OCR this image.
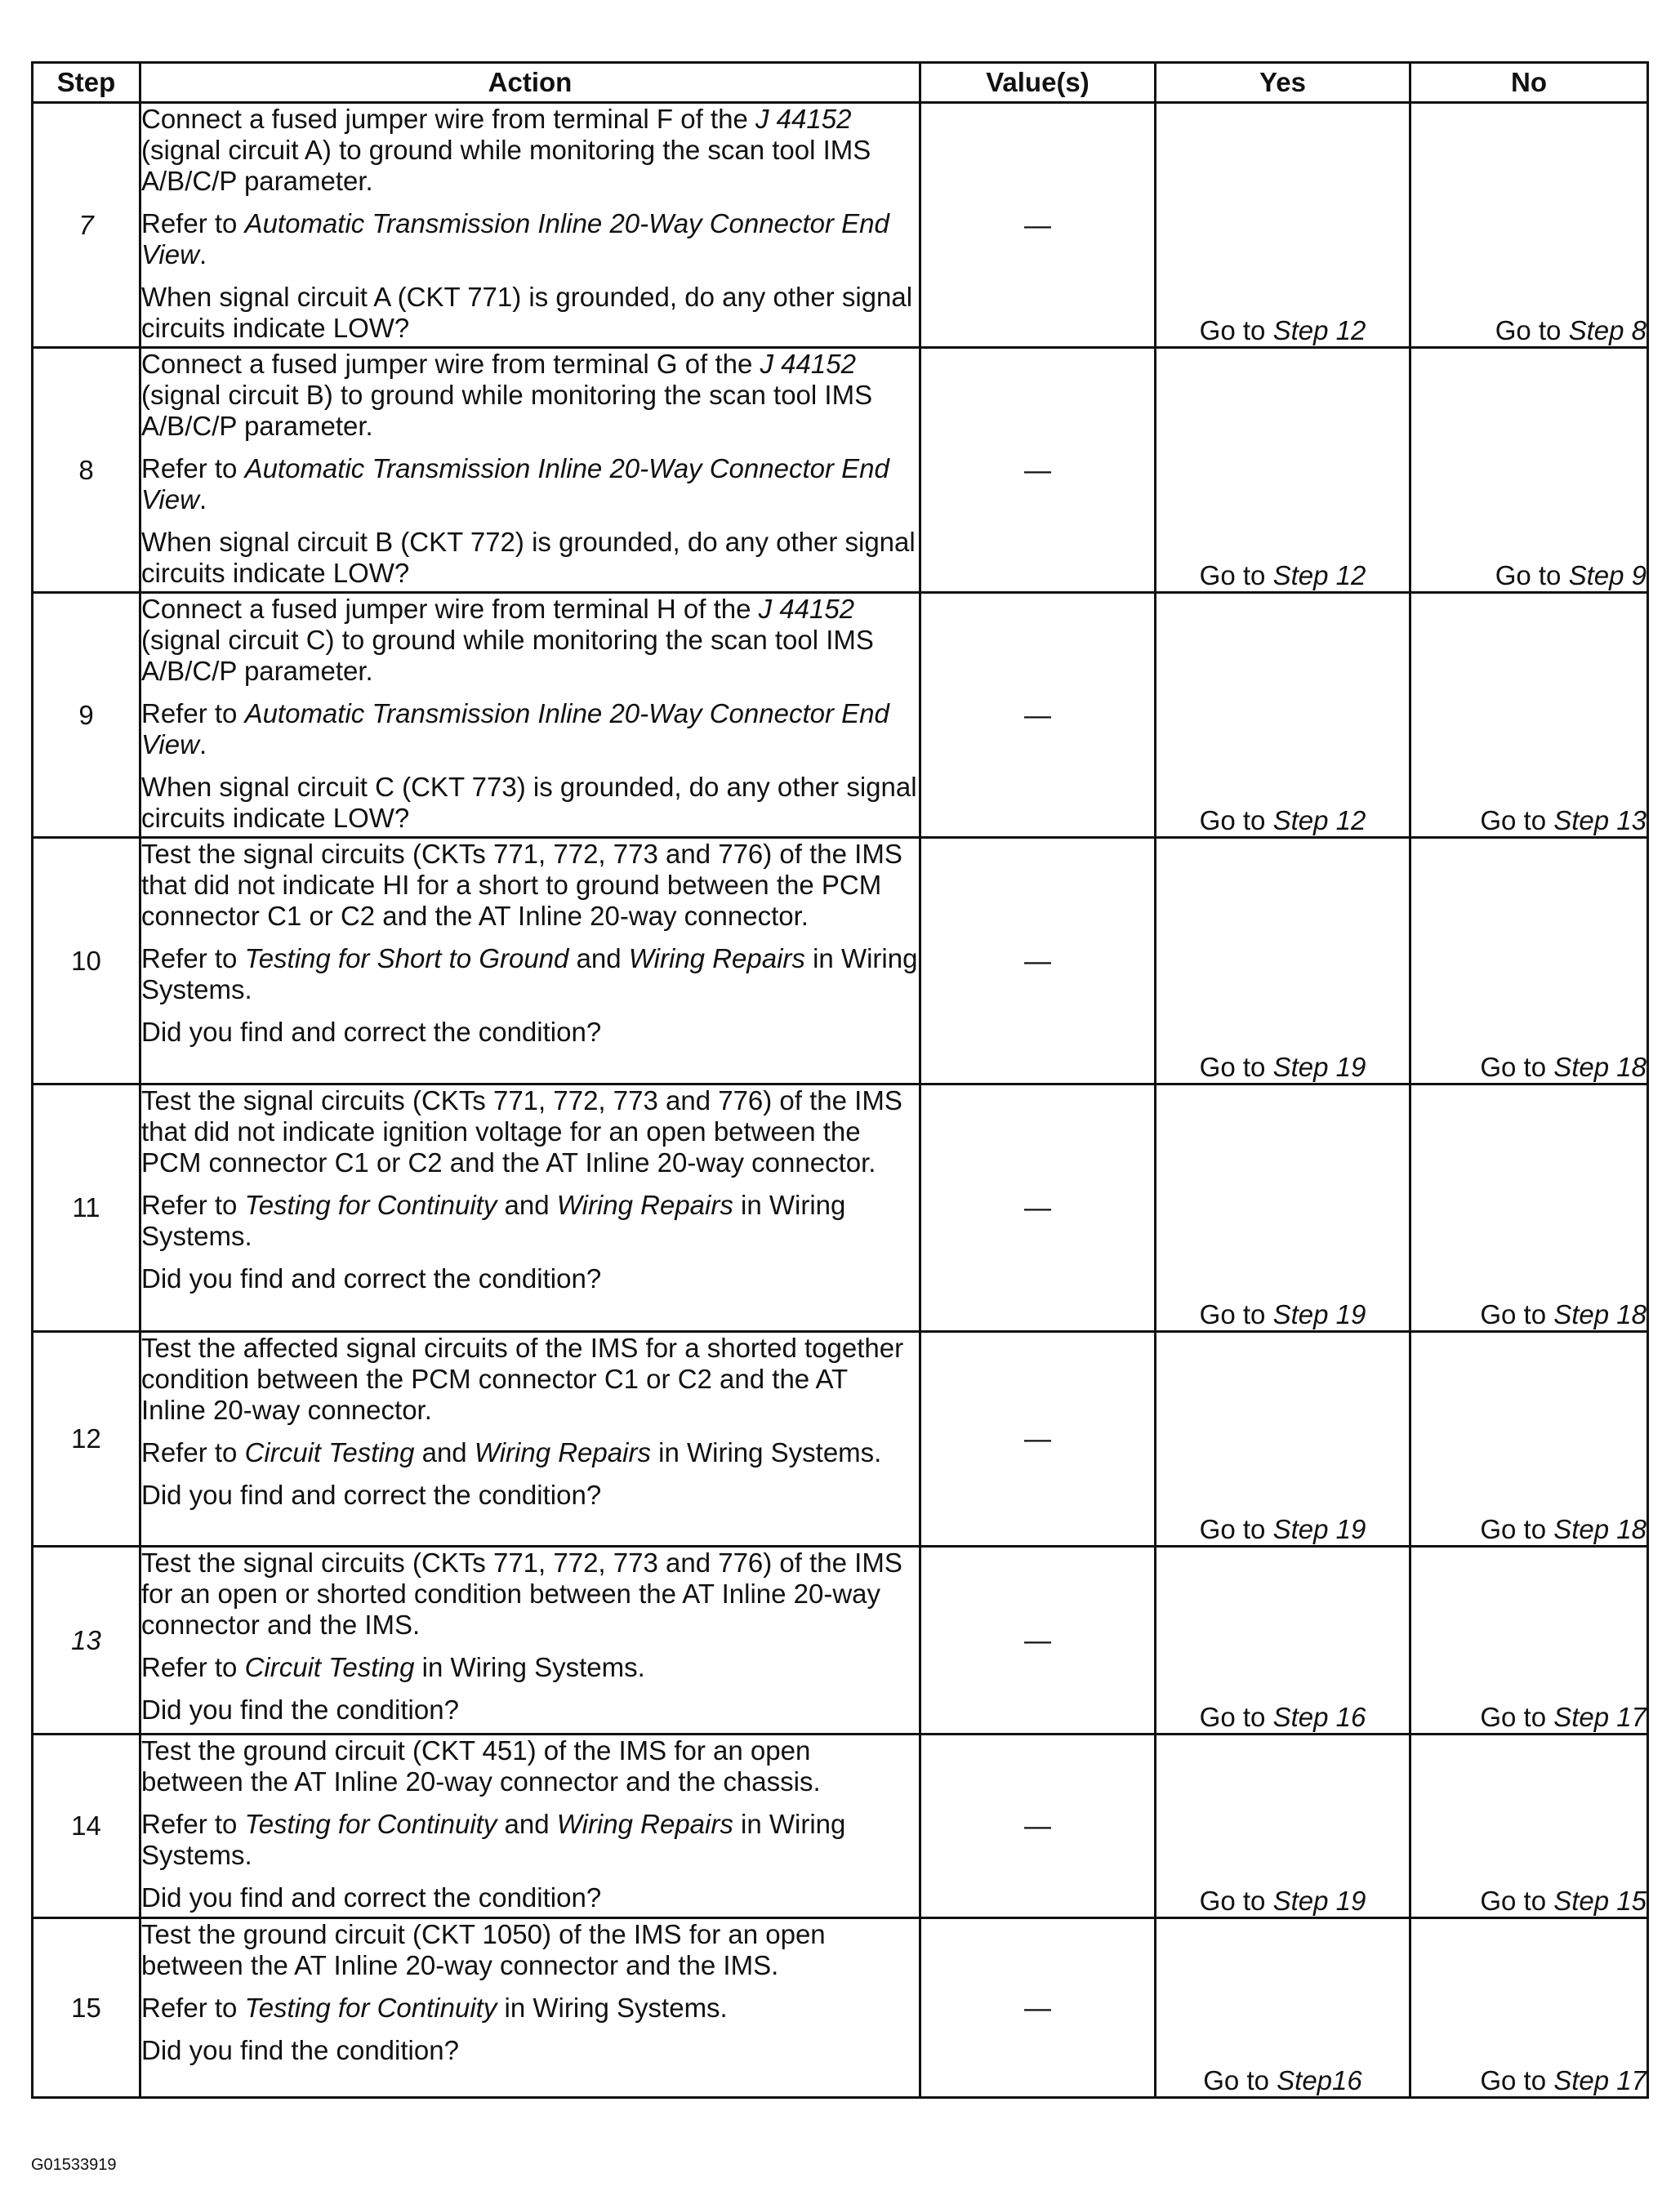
Step	Action	Value(s)	Yes	No
7	Connect a fused jumper wire from terminal F of the J 44152 (signal circuit A) to ground while monitoring the scan tool IMS A/B/C/P parameter.

Refer to Automatic Transmission Inline 20-Way Connector End View.

When signal circuit A (CKT 771) is grounded, do any other signal circuits indicate LOW?	—	Go to Step 12	Go to Step 8
8	Connect a fused jumper wire from terminal G of the J 44152 (signal circuit B) to ground while monitoring the scan tool IMS A/B/C/P parameter.

Refer to Automatic Transmission Inline 20-Way Connector End View.

When signal circuit B (CKT 772) is grounded, do any other signal circuits indicate LOW?	—	Go to Step 12	Go to Step 9
9	Connect a fused jumper wire from terminal H of the J 44152 (signal circuit C) to ground while monitoring the scan tool IMS A/B/C/P parameter.

Refer to Automatic Transmission Inline 20-Way Connector End View.

When signal circuit C (CKT 773) is grounded, do any other signal circuits indicate LOW?	—	Go to Step 12	Go to Step 13
10	Test the signal circuits (CKTs 771, 772, 773 and 776) of the IMS that did not indicate HI for a short to ground between the PCM connector C1 or C2 and the AT Inline 20-way connector.

Refer to Testing for Short to Ground and Wiring Repairs in Wiring Systems.

Did you find and correct the condition?	—	Go to Step 19	Go to Step 18
11	Test the signal circuits (CKTs 771, 772, 773 and 776) of the IMS that did not indicate ignition voltage for an open between the PCM connector C1 or C2 and the AT Inline 20-way connector.

Refer to Testing for Continuity and Wiring Repairs in Wiring Systems.

Did you find and correct the condition?	—	Go to Step 19	Go to Step 18
12	Test the affected signal circuits of the IMS for a shorted together condition between the PCM connector C1 or C2 and the AT Inline 20-way connector.

Refer to Circuit Testing and Wiring Repairs in Wiring Systems.

Did you find and correct the condition?	—	Go to Step 19	Go to Step 18
13	Test the signal circuits (CKTs 771, 772, 773 and 776) of the IMS for an open or shorted condition between the AT Inline 20-way connector and the IMS.

Refer to Circuit Testing in Wiring Systems.

Did you find the condition?	—	Go to Step 16	Go to Step 17
14	Test the ground circuit (CKT 451) of the IMS for an open between the AT Inline 20-way connector and the chassis.

Refer to Testing for Continuity and Wiring Repairs in Wiring Systems.

Did you find and correct the condition?	—	Go to Step 19	Go to Step 15
15	Test the ground circuit (CKT 1050) of the IMS for an open between the AT Inline 20-way connector and the IMS.

Refer to Testing for Continuity in Wiring Systems.

Did you find the condition?	—	Go to Step16	Go to Step 17
G01533919
